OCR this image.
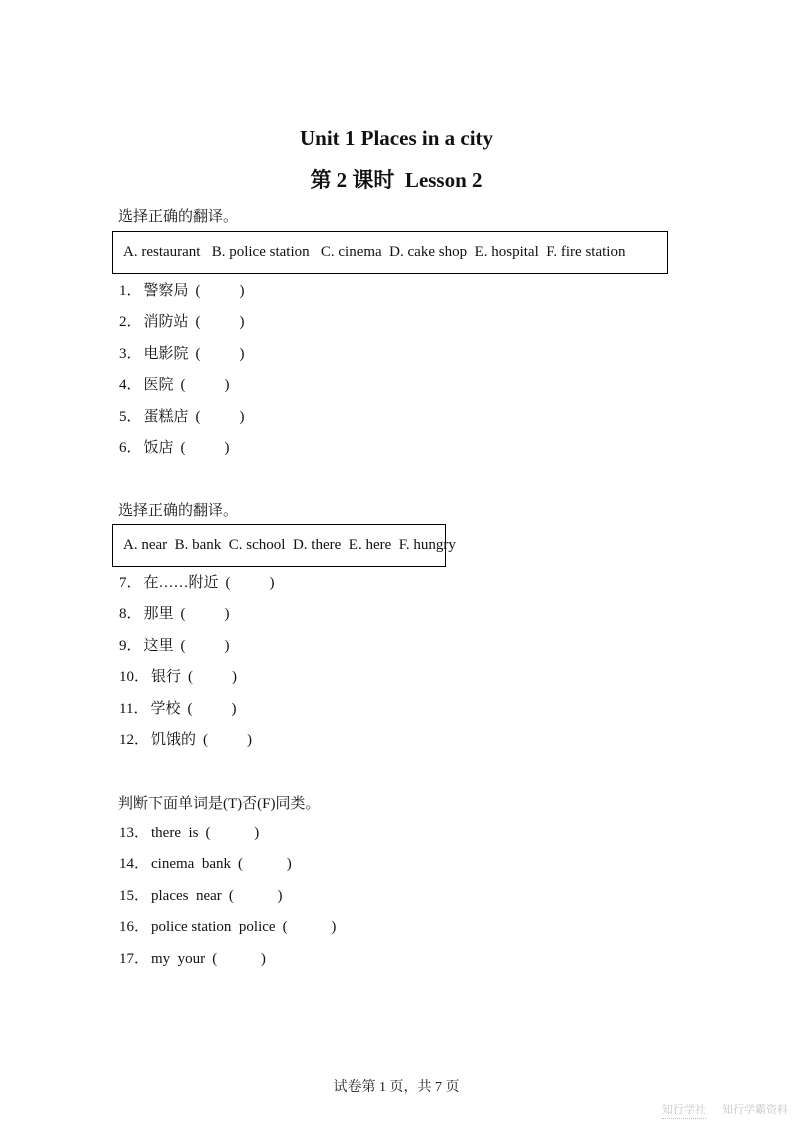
Unit 1 Places in a city
第 2 课时  Lesson 2
选择正确的翻译。
A. restaurant   B. police station   C. cinema  D. cake shop  E. hospital  F. fire station
1． 警察局 (        )
2． 消防站 (        )
3． 电影院 (        )
4． 医院 (        )
5． 蛋糕店 (        )
6． 饭店 (        )
选择正确的翻译。
A. near  B. bank  C. school  D. there  E. here  F. hungry
7． 在……附近 (        )
8． 那里 (        )
9． 这里 (        )
10． 银行 (        )
11． 学校 (        )
12． 饥饿的 (        )
判断下面单词是(T)否(F)同类。
13． there  is (         )
14． cinema  bank (         )
15． places  near (         )
16． police station  police (         )
17． my  your (         )
试卷第 1 页，共 7 页
知行学社 知行学霸资料
